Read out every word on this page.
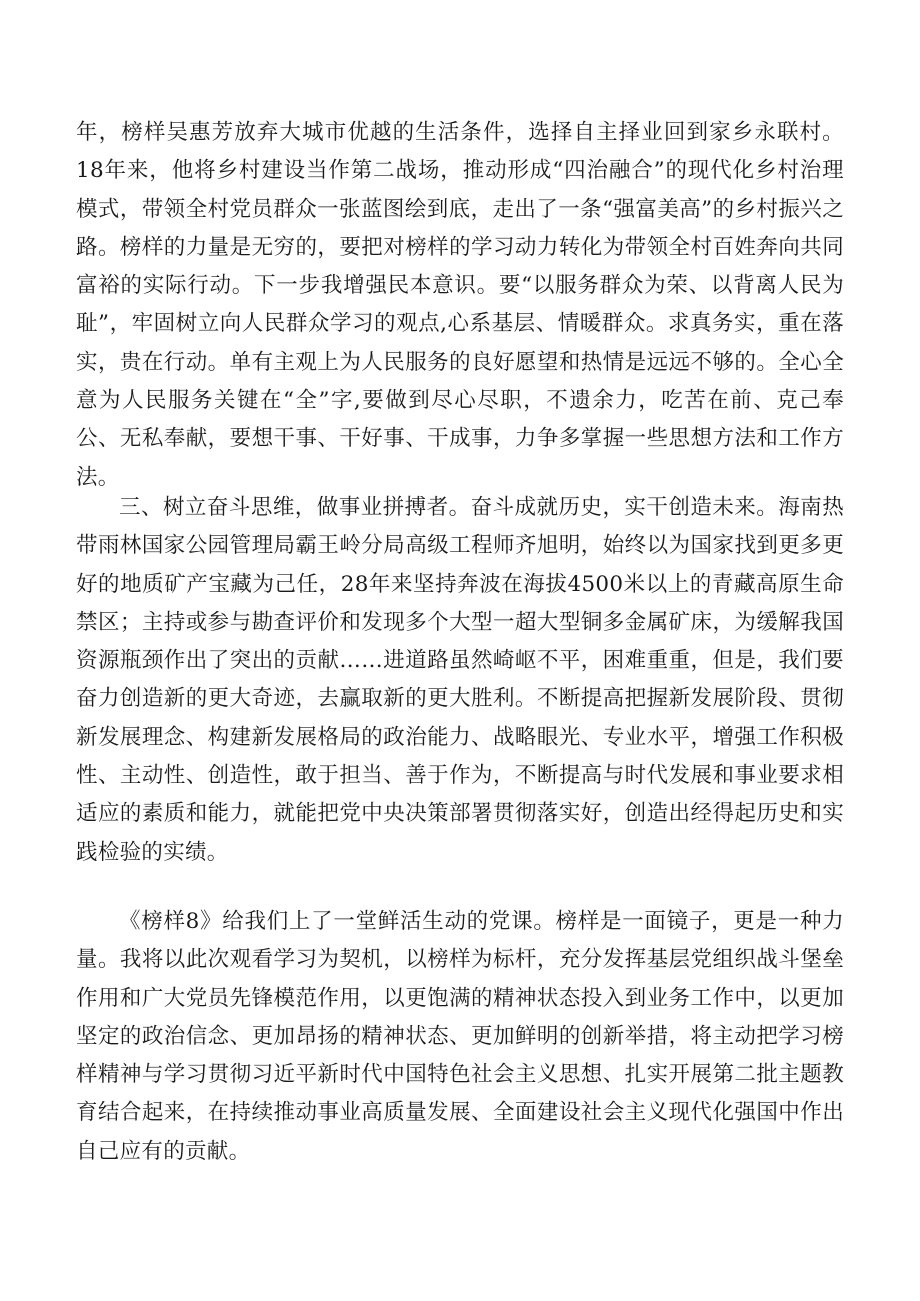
年，榜样吴惠芳放弃大城市优越的生活条件，选择自主择业回到家乡永联村。18年来，他将乡村建设当作第二战场，推动形成“四治融合”的现代化乡村治理模式，带领全村党员群众一张蓝图绘到底，走出了一条“强富美高”的乡村振兴之路。榜样的力量是无穷的，要把对榜样的学习动力转化为带领全村百姓奔向共同富裕的实际行动。下一步我增强民本意识。要“以服务群众为荣、以背离人民为耻”，牢固树立向人民群众学习的观点,心系基层、情暖群众。求真务实，重在落实，贵在行动。单有主观上为人民服务的良好愿望和热情是远远不够的。全心全意为人民服务关键在“全”字,要做到尽心尽职，不遗余力，吃苦在前、克己奉公、无私奉献，要想干事、干好事、干成事，力争多掌握一些思想方法和工作方法。

三、树立奋斗思维，做事业拼搏者。奋斗成就历史，实干创造未来。海南热带雨林国家公园管理局霸王岭分局高级工程师齐旭明，始终以为国家找到更多更好的地质矿产宝藏为己任，28年来坚持奔波在海拔4500米以上的青藏高原生命禁区；主持或参与勘查评价和发现多个大型一超大型铜多金属矿床，为缓解我国资源瓶颈作出了突出的贡献……进道路虽然崎岖不平，困难重重，但是，我们要奋力创造新的更大奇迹，去赢取新的更大胜利。不断提高把握新发展阶段、贯彻新发展理念、构建新发展格局的政治能力、战略眼光、专业水平，增强工作积极性、主动性、创造性，敢于担当、善于作为，不断提高与时代发展和事业要求相适应的素质和能力，就能把党中央决策部署贯彻落实好，创造出经得起历史和实践检验的实绩。

《榜样8》给我们上了一堂鲜活生动的党课。榜样是一面镜子，更是一种力量。我将以此次观看学习为契机，以榜样为标杆，充分发挥基层党组织战斗堡垒作用和广大党员先锋模范作用，以更饱满的精神状态投入到业务工作中，以更加坚定的政治信念、更加昂扬的精神状态、更加鲜明的创新举措，将主动把学习榜样精神与学习贯彻习近平新时代中国特色社会主义思想、扎实开展第二批主题教育结合起来，在持续推动事业高质量发展、全面建设社会主义现代化强国中作出自己应有的贡献。
